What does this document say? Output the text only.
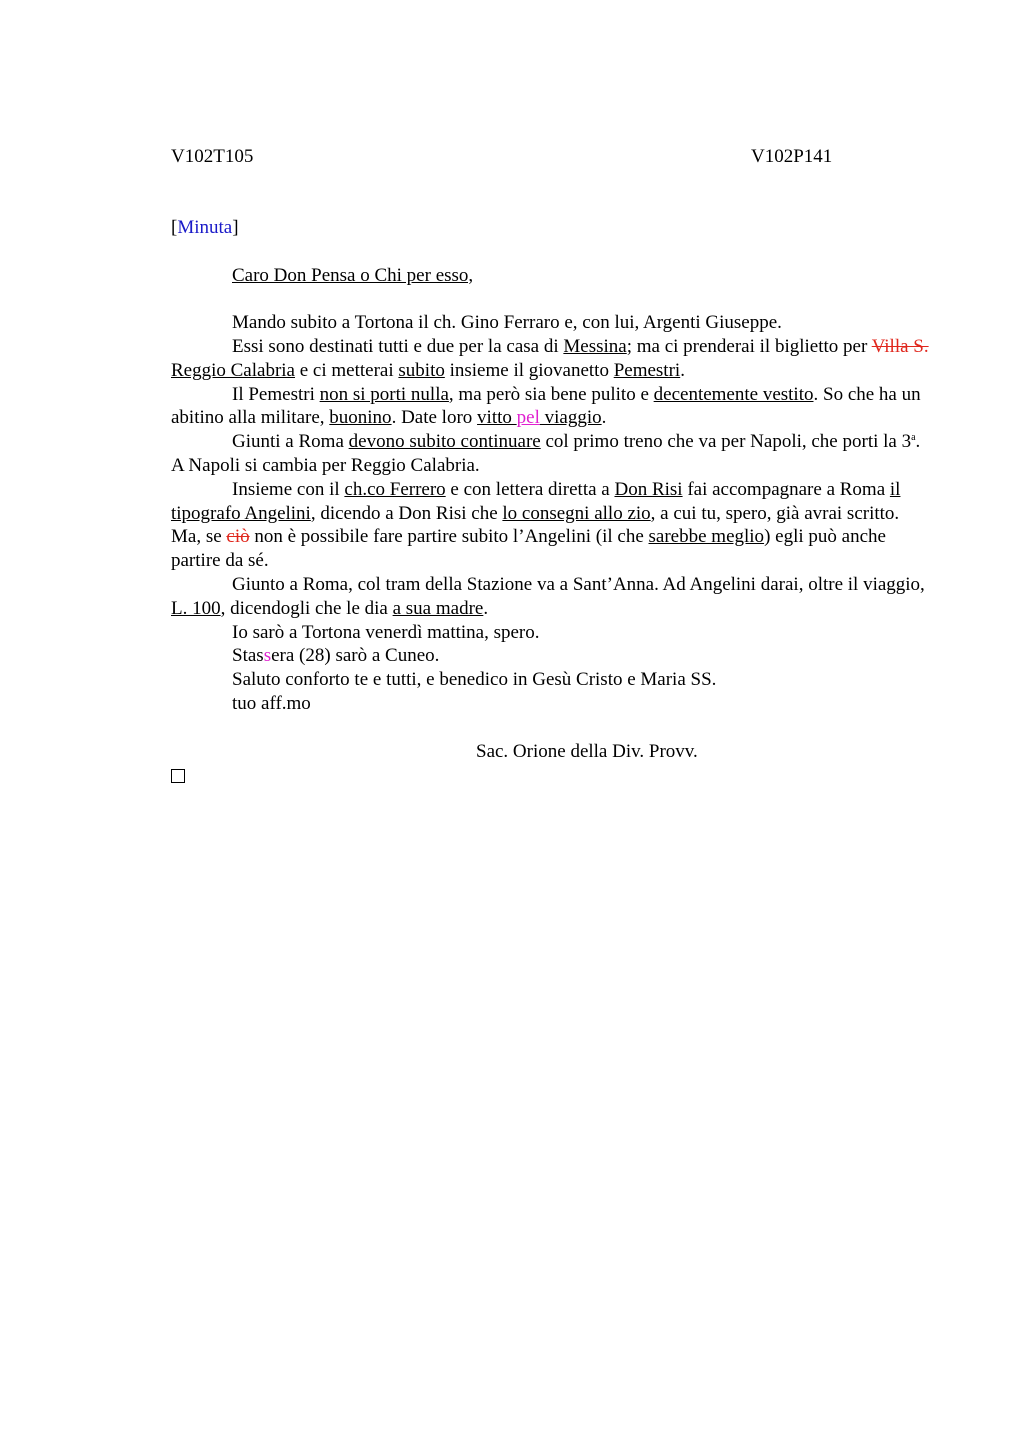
V102T105	V102P141

[Minuta]

Caro Don Pensa o Chi per esso,

Mando subito a Tortona il ch. Gino Ferraro e, con lui, Argenti Giuseppe.

Essi sono destinati tutti e due per la casa di Messina; ma ci prenderai il biglietto per Villa S. Reggio Calabria e ci metterai subito insieme il giovanetto Pemestri.

Il Pemestri non si porti nulla, ma però sia bene pulito e decentemente vestito. So che ha un abitino alla militare, buonino. Date loro vitto pel viaggio.

Giunti a Roma devono subito continuare col primo treno che va per Napoli, che porti la 3$^a$. A Napoli si cambia per Reggio Calabria.

Insieme con il ch.co Ferrero e con lettera diretta a Don Risi fai accompagnare a Roma il tipografo Angelini, dicendo a Don Risi che lo consegni allo zio, a cui tu, spero, già avrai scritto. Ma, se ciò non è possibile fare partire subito l’Angelini (il che sarebbe meglio) egli può anche partire da sé.

Giunto a Roma, col tram della Stazione va a Sant’Anna. Ad Angelini darai, oltre il viaggio, L. 100, dicendogli che le dia a sua madre.

Io sarò a Tortona venerdì mattina, spero.

Stassera (28) sarò a Cuneo.

Saluto conforto te e tutti, e benedico in Gesù Cristo e Maria SS.

tuo aff.mo

Sac. Orione della Div. Provv.
